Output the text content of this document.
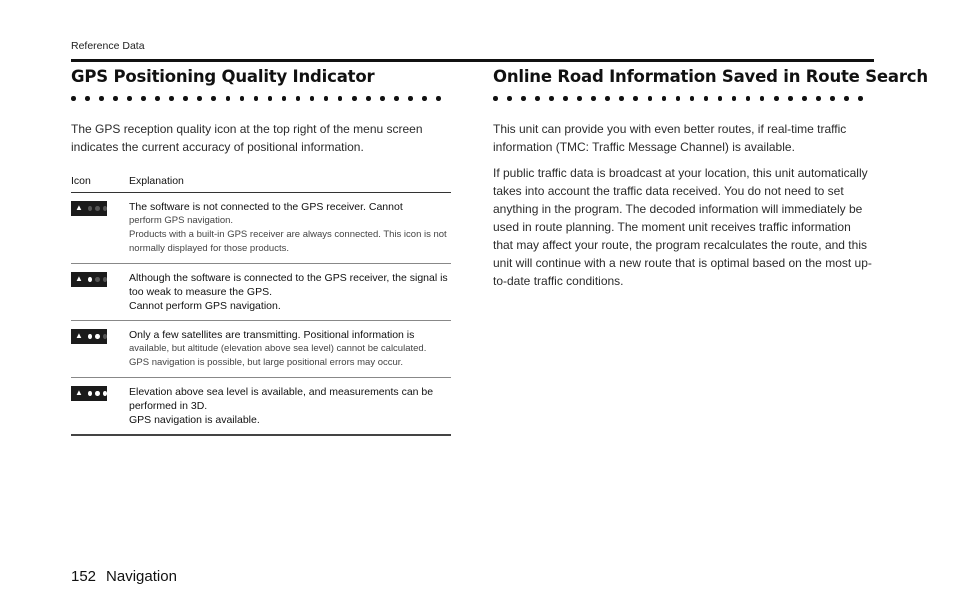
Reference Data
GPS Positioning Quality Indicator

The GPS reception quality icon at the top right of the menu screen indicates the current accuracy of positional information.

Icon	Explanation

▲	The software is not connected to the GPS receiver. Cannot
perform GPS navigation.
Products with a built-in GPS receiver are always connected. This icon is not normally displayed for those products.

▲	Although the software is connected to the GPS receiver, the signal is too weak to measure the GPS.
Cannot perform GPS navigation.

▲	Only a few satellites are transmitting. Positional information is
available, but altitude (elevation above sea level) cannot be calculated.
GPS navigation is possible, but large positional errors may occur.

▲	Elevation above sea level is available, and measurements can be performed in 3D.
GPS navigation is available.
Online Road Information Saved in Route Search

This unit can provide you with even better routes, if real-time traffic information (TMC: Traffic Message Channel) is available.

If public traffic data is broadcast at your location, this unit automatically takes into account the traffic data received. You do not need to set anything in the program. The decoded information will immediately be used in route planning. The moment unit receives traffic information that may affect your route, the program recalculates the route, and this unit will continue with a new route that is optimal based on the most up-to-date traffic conditions.

152 Navigation
